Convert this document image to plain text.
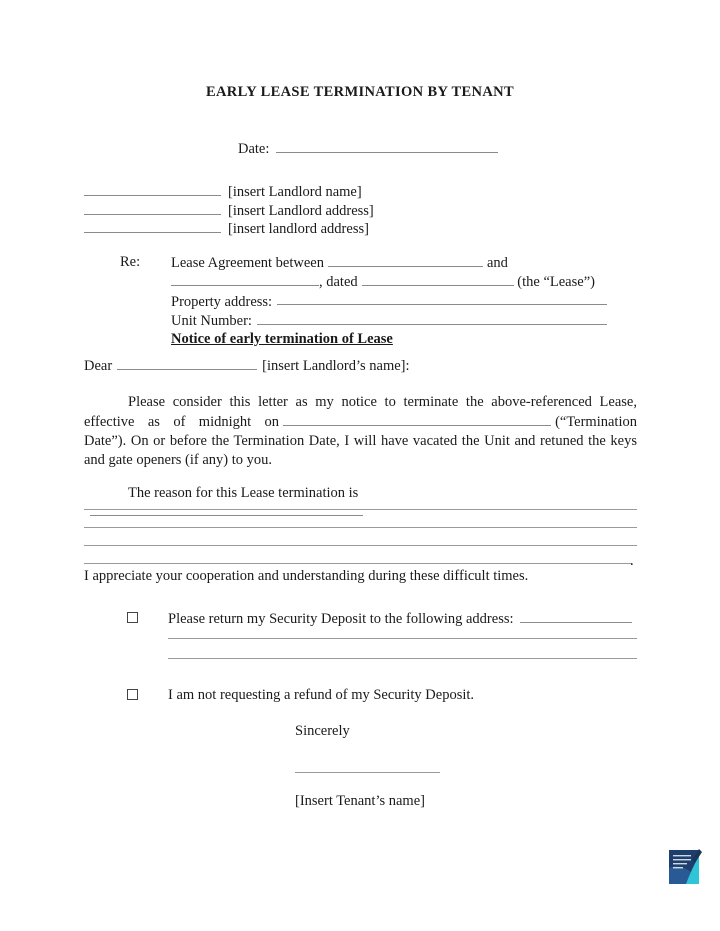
EARLY LEASE TERMINATION BY TENANT
Date:
[insert Landlord name]
[insert Landlord address]
[insert landlord address]
Re: Lease Agreement between	and
, dated	(the “Lease”)
Property address:
Unit Number:
Notice of early termination of Lease
Dear	[insert Landlord’s name]:
Please consider this letter as my notice to terminate the above-referenced Lease, effective as of midnight on	(“Termination Date”). On or before the Termination Date, I will have vacated the Unit and retuned the keys and gate openers (if any) to you.
The reason for this Lease termination is
.
I appreciate your cooperation and understanding during these difficult times.
Please return my Security Deposit to the following address:
I am not requesting a refund of my Security Deposit.
Sincerely
[Insert Tenant’s name]
